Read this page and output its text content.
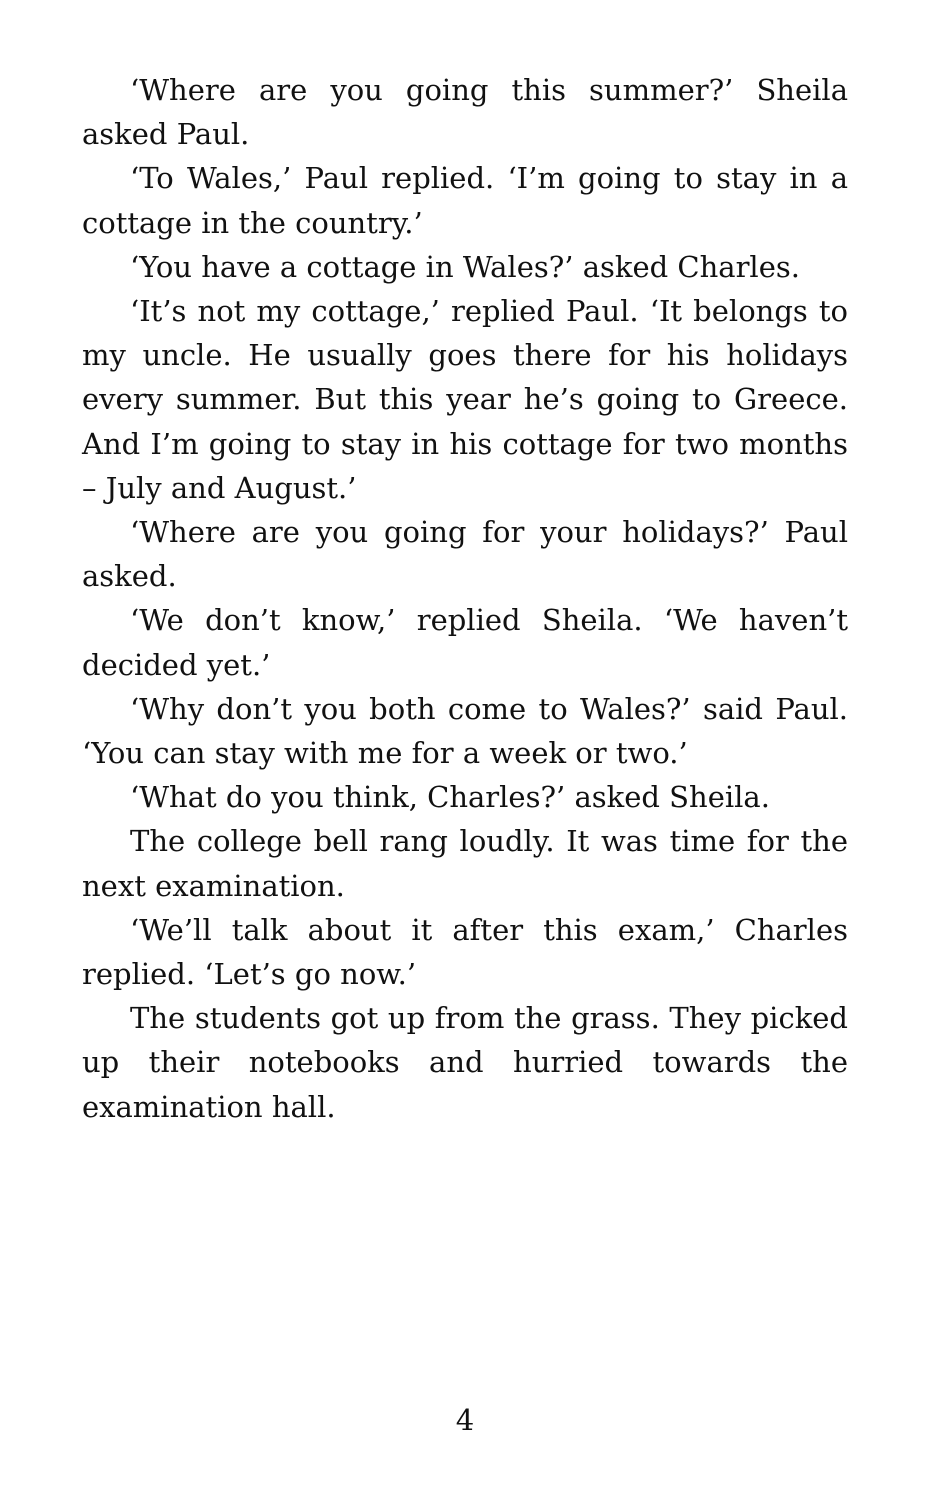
‘Where are you going this summer?’ Sheila asked Paul.

‘To Wales,’ Paul replied. ‘I’m going to stay in a cottage in the country.’

‘You have a cottage in Wales?’ asked Charles.

‘It’s not my cottage,’ replied Paul. ‘It belongs to my uncle. He usually goes there for his holidays every summer. But this year he’s going to Greece. And I’m going to stay in his cottage for two months – July and August.’

‘Where are you going for your holidays?’ Paul asked.

‘We don’t know,’ replied Sheila. ‘We haven’t decided yet.’

‘Why don’t you both come to Wales?’ said Paul. ‘You can stay with me for a week or two.’

‘What do you think, Charles?’ asked Sheila.

The college bell rang loudly. It was time for the next examination.

‘We’ll talk about it after this exam,’ Charles replied. ‘Let’s go now.’

The students got up from the grass. They picked up their notebooks and hurried towards the examination hall.

4
